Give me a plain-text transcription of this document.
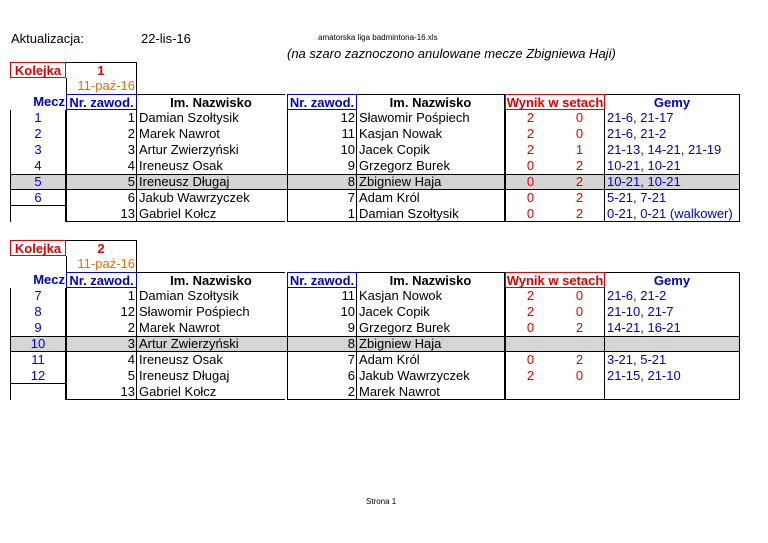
Aktualizacja:	22-lis-16	amatorska liga badmintona-16.xls
(na szaro zaznoczono anulowane mecze Zbigniewa Haji)
Kolejka	1
11-paź-16
Mecz Nr. zawod.	Im. Nazwisko	Nr. zawod.	Im. Nazwisko	Wynik w setach	Gemy
1	1 Damian Szołtysik	12 Sławomir Pośpiech	2	0	21-6, 21-17
2	2 Marek Nawrot	11 Kasjan Nowak	2	0	21-6, 21-2
3	3 Artur Zwierzyński	10 Jacek Copik	2	1	21-13, 14-21, 21-19
4	4 Ireneusz Osak	9 Grzegorz Burek	0	2	10-21, 10-21
5	5 Ireneusz Długaj	8 Zbigniew Haja	0	2	10-21, 10-21
6	6 Jakub Wawrzyczek	7 Adam Król	0	2	5-21, 7-21
13 Gabriel Kołcz	1 Damian Szołtysik	0	2	0-21, 0-21 (walkower)
Kolejka	2
11-paź-16
Mecz Nr. zawod.	Im. Nazwisko	Nr. zawod.	Im. Nazwisko	Wynik w setach	Gemy
7	1 Damian Szołtysik	11 Kasjan Nowok	2	0	21-6, 21-2
8	12 Sławomir Pośpiech	10 Jacek Copik	2	0	21-10, 21-7
9	2 Marek Nawrot	9 Grzegorz Burek	0	2	14-21, 16-21
10	3 Artur Zwierzyński	8 Zbigniew Haja
11	4 Ireneusz Osak	7 Adam Król	0	2	3-21, 5-21
12	5 Ireneusz Długaj	6 Jakub Wawrzyczek	2	0	21-15, 21-10
13 Gabriel Kołcz	2 Marek Nawrot
Strona 1
